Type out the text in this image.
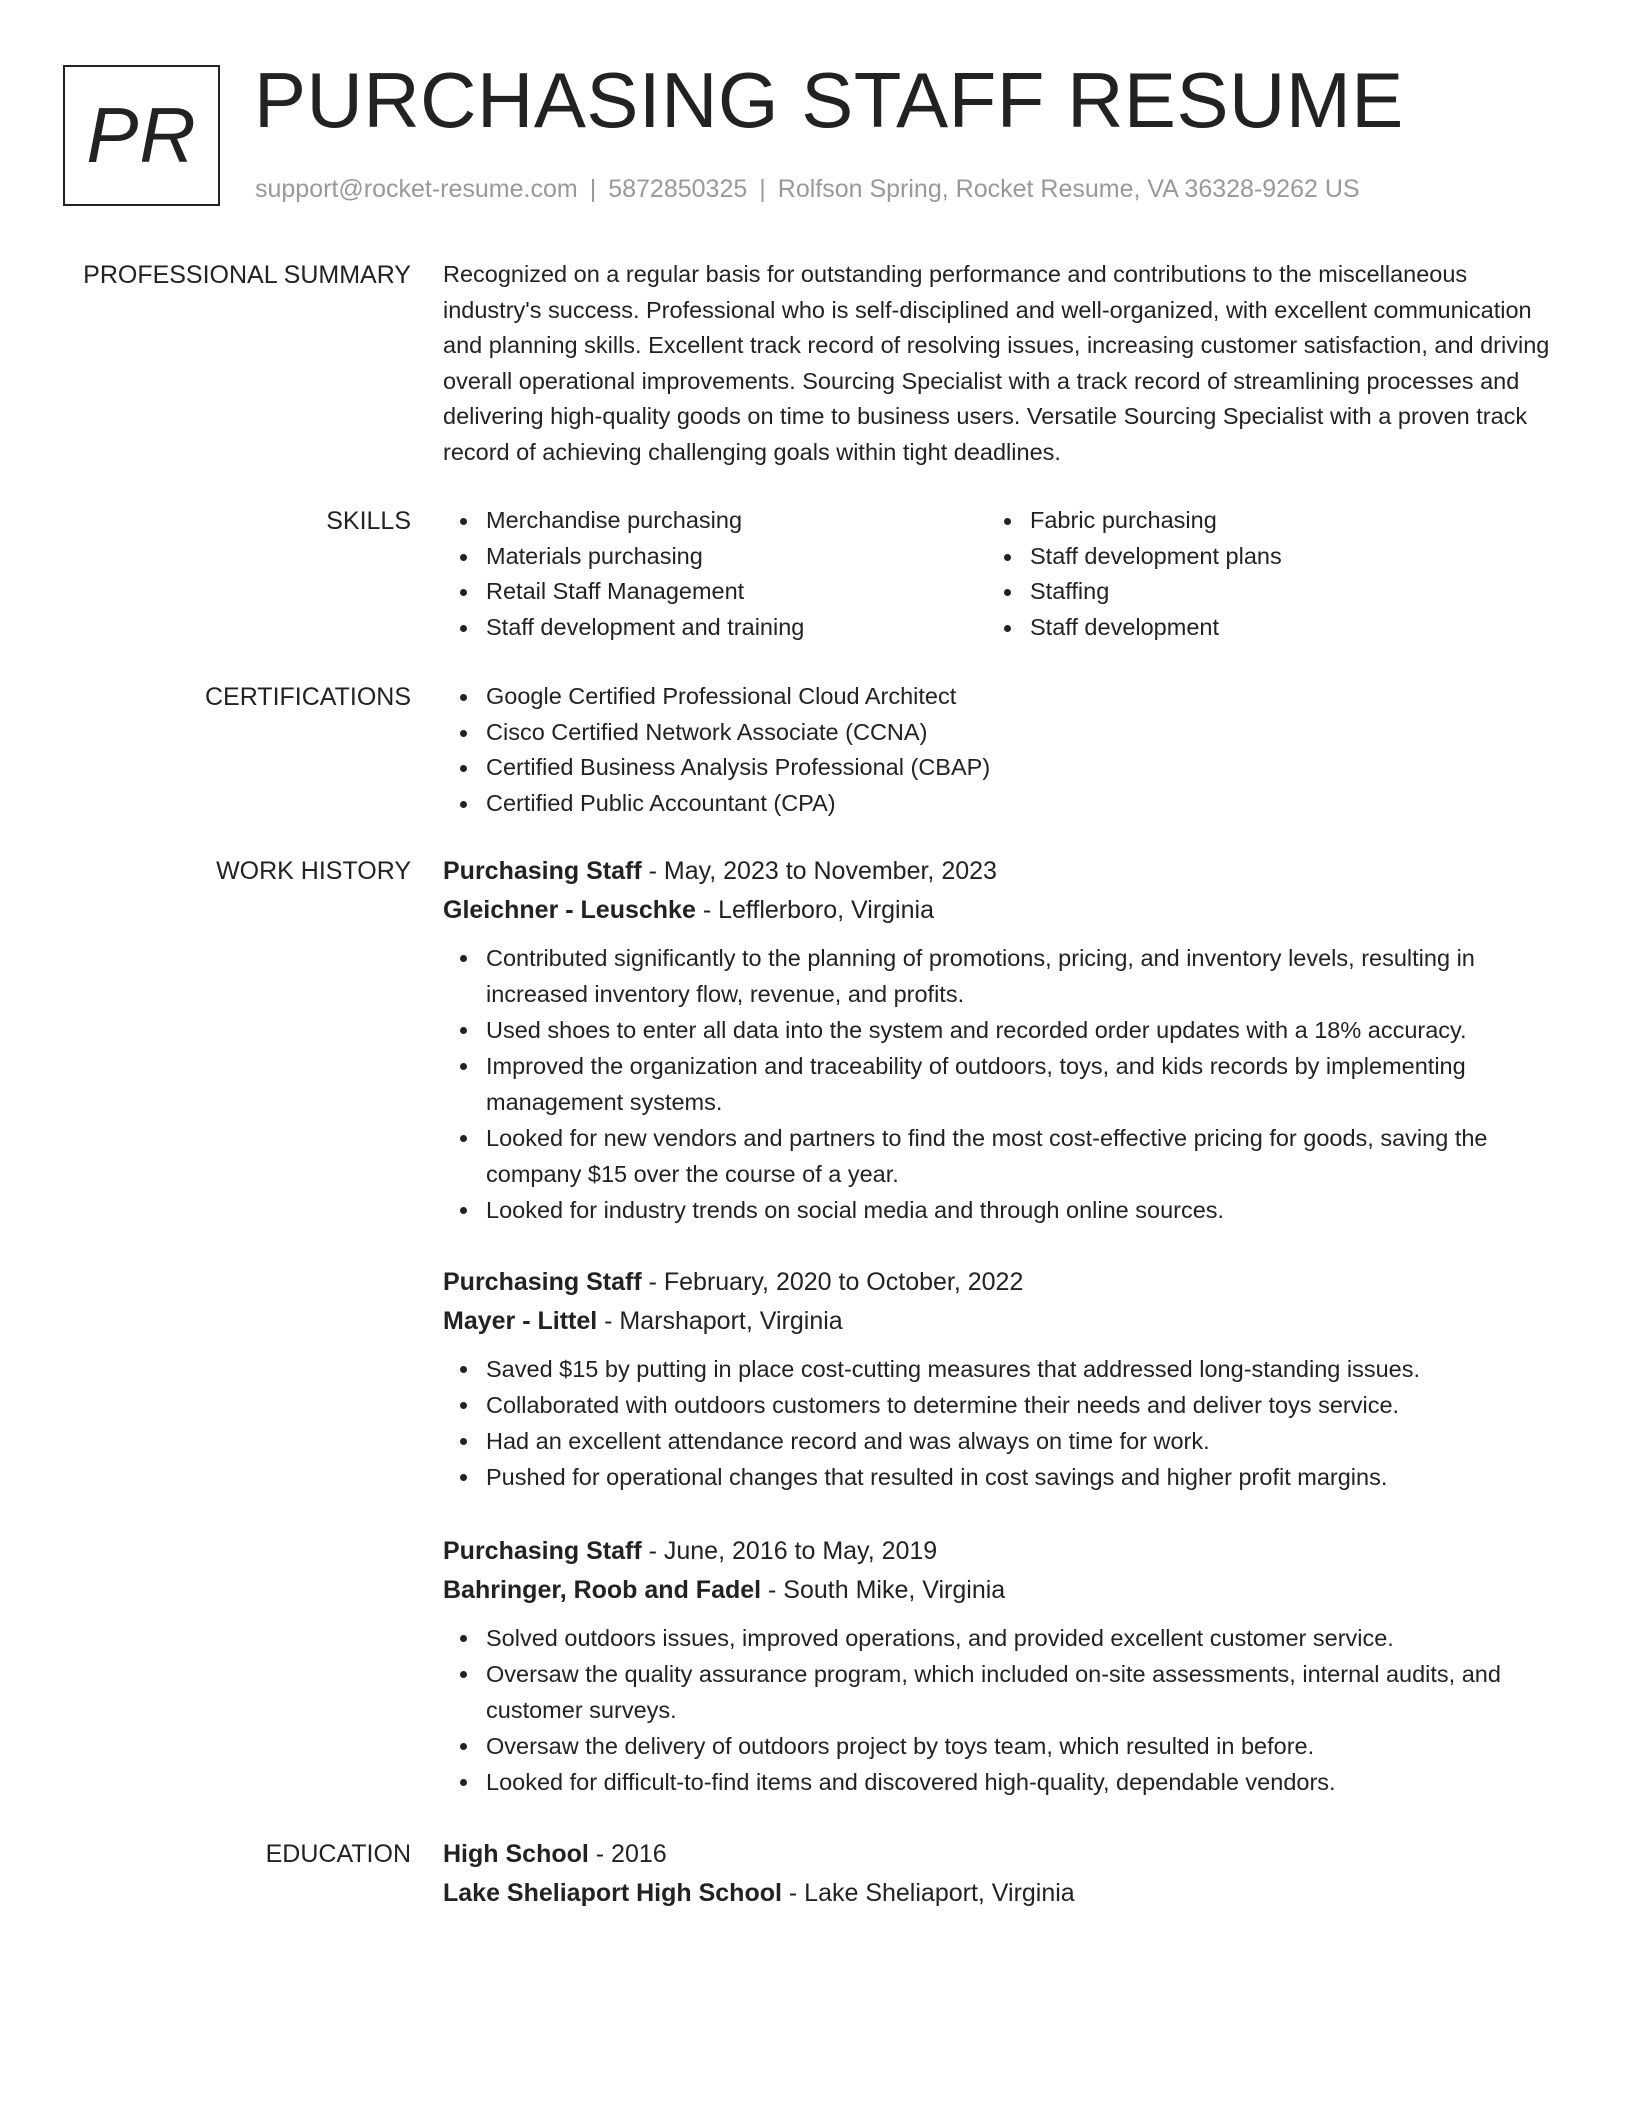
PR PURCHASING STAFF RESUME
support@rocket-resume.com | 5872850325 | Rolfson Spring, Rocket Resume, VA 36328-9262 US
PROFESSIONAL SUMMARY Recognized on a regular basis for outstanding performance and contributions to the miscellaneous industry's success. Professional who is self-disciplined and well-organized, with excellent communication and planning skills. Excellent track record of resolving issues, increasing customer satisfaction, and driving overall operational improvements. Sourcing Specialist with a track record of streamlining processes and delivering high-quality goods on time to business users. Versatile Sourcing Specialist with a proven track record of achieving challenging goals within tight deadlines.

SKILLS	Merchandise purchasing
Materials purchasing
Retail Staff Management
Staff development and training
Fabric purchasing
Staff development plans
Staffing
Staff development
CERTIFICATIONS	Google Certified Professional Cloud Architect
Cisco Certified Network Associate (CCNA)
Certified Business Analysis Professional (CBAP)
Certified Public Accountant (CPA)
WORK HISTORY Purchasing Staff - May, 2023 to November, 2023
Gleichner - Leuschke - Lefflerboro, Virginia
Contributed significantly to the planning of promotions, pricing, and inventory levels, resulting in increased inventory flow, revenue, and profits.
Used shoes to enter all data into the system and recorded order updates with a 18% accuracy.
Improved the organization and traceability of outdoors, toys, and kids records by implementing management systems.
Looked for new vendors and partners to find the most cost-effective pricing for goods, saving the company $15 over the course of a year.
Looked for industry trends on social media and through online sources.
Purchasing Staff - February, 2020 to October, 2022
Mayer - Littel - Marshaport, Virginia
Saved $15 by putting in place cost-cutting measures that addressed long-standing issues.
Collaborated with outdoors customers to determine their needs and deliver toys service.
Had an excellent attendance record and was always on time for work.
Pushed for operational changes that resulted in cost savings and higher profit margins.
Purchasing Staff - June, 2016 to May, 2019
Bahringer, Roob and Fadel - South Mike, Virginia
Solved outdoors issues, improved operations, and provided excellent customer service.
Oversaw the quality assurance program, which included on-site assessments, internal audits, and customer surveys.
Oversaw the delivery of outdoors project by toys team, which resulted in before.
Looked for difficult-to-find items and discovered high-quality, dependable vendors.
EDUCATION High School - 2016
Lake Sheliaport High School - Lake Sheliaport, Virginia
